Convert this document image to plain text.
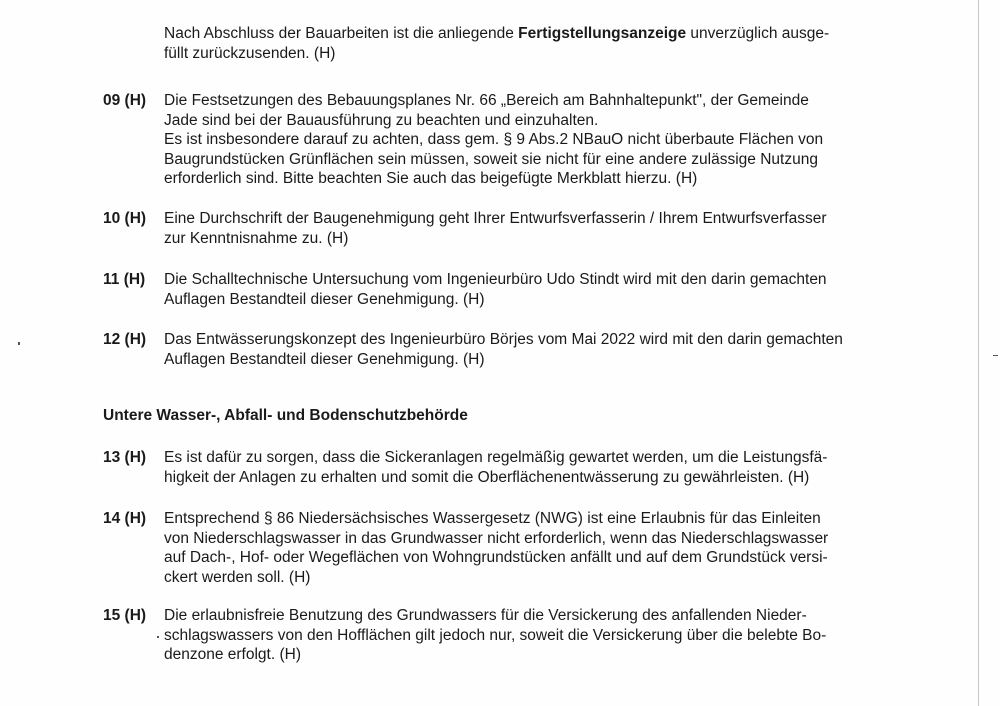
Nach Abschluss der Bauarbeiten ist die anliegende Fertigstellungsanzeige unverzüglich ausge-
füllt zurückzusenden. (H)
09 (H) Die Festsetzungen des Bebauungsplanes Nr. 66 „Bereich am Bahnhaltepunkt", der Gemeinde
Jade sind bei der Bauausführung zu beachten und einzuhalten.
Es ist insbesondere darauf zu achten, dass gem. § 9 Abs.2 NBauO nicht überbaute Flächen von
Baugrundstücken Grünflächen sein müssen, soweit sie nicht für eine andere zulässige Nutzung
erforderlich sind. Bitte beachten Sie auch das beigefügte Merkblatt hierzu. (H)
10 (H) Eine Durchschrift der Baugenehmigung geht Ihrer Entwurfsverfasserin / Ihrem Entwurfsverfasser
zur Kenntnisnahme zu. (H)
11 (H) Die Schalltechnische Untersuchung vom Ingenieurbüro Udo Stindt wird mit den darin gemachten
Auflagen Bestandteil dieser Genehmigung. (H)
12 (H) Das Entwässerungskonzept des Ingenieurbüro Börjes vom Mai 2022 wird mit den darin gemachten
Auflagen Bestandteil dieser Genehmigung. (H)
Untere Wasser-, Abfall- und Bodenschutzbehörde
13 (H) Es ist dafür zu sorgen, dass die Sickeranlagen regelmäßig gewartet werden, um die Leistungsfä-
higkeit der Anlagen zu erhalten und somit die Oberflächenentwässerung zu gewährleisten. (H)
14 (H) Entsprechend § 86 Niedersächsisches Wassergesetz (NWG) ist eine Erlaubnis für das Einleiten
von Niederschlagswasser in das Grundwasser nicht erforderlich, wenn das Niederschlagswasser
auf Dach-, Hof- oder Wegeflächen von Wohngrundstücken anfällt und auf dem Grundstück versi-
ckert werden soll. (H)
15 (H) Die erlaubnisfreie Benutzung des Grundwassers für die Versickerung des anfallenden Nieder-
schlagswassers von den Hofflächen gilt jedoch nur, soweit die Versickerung über die belebte Bo-
denzone erfolgt. (H)
